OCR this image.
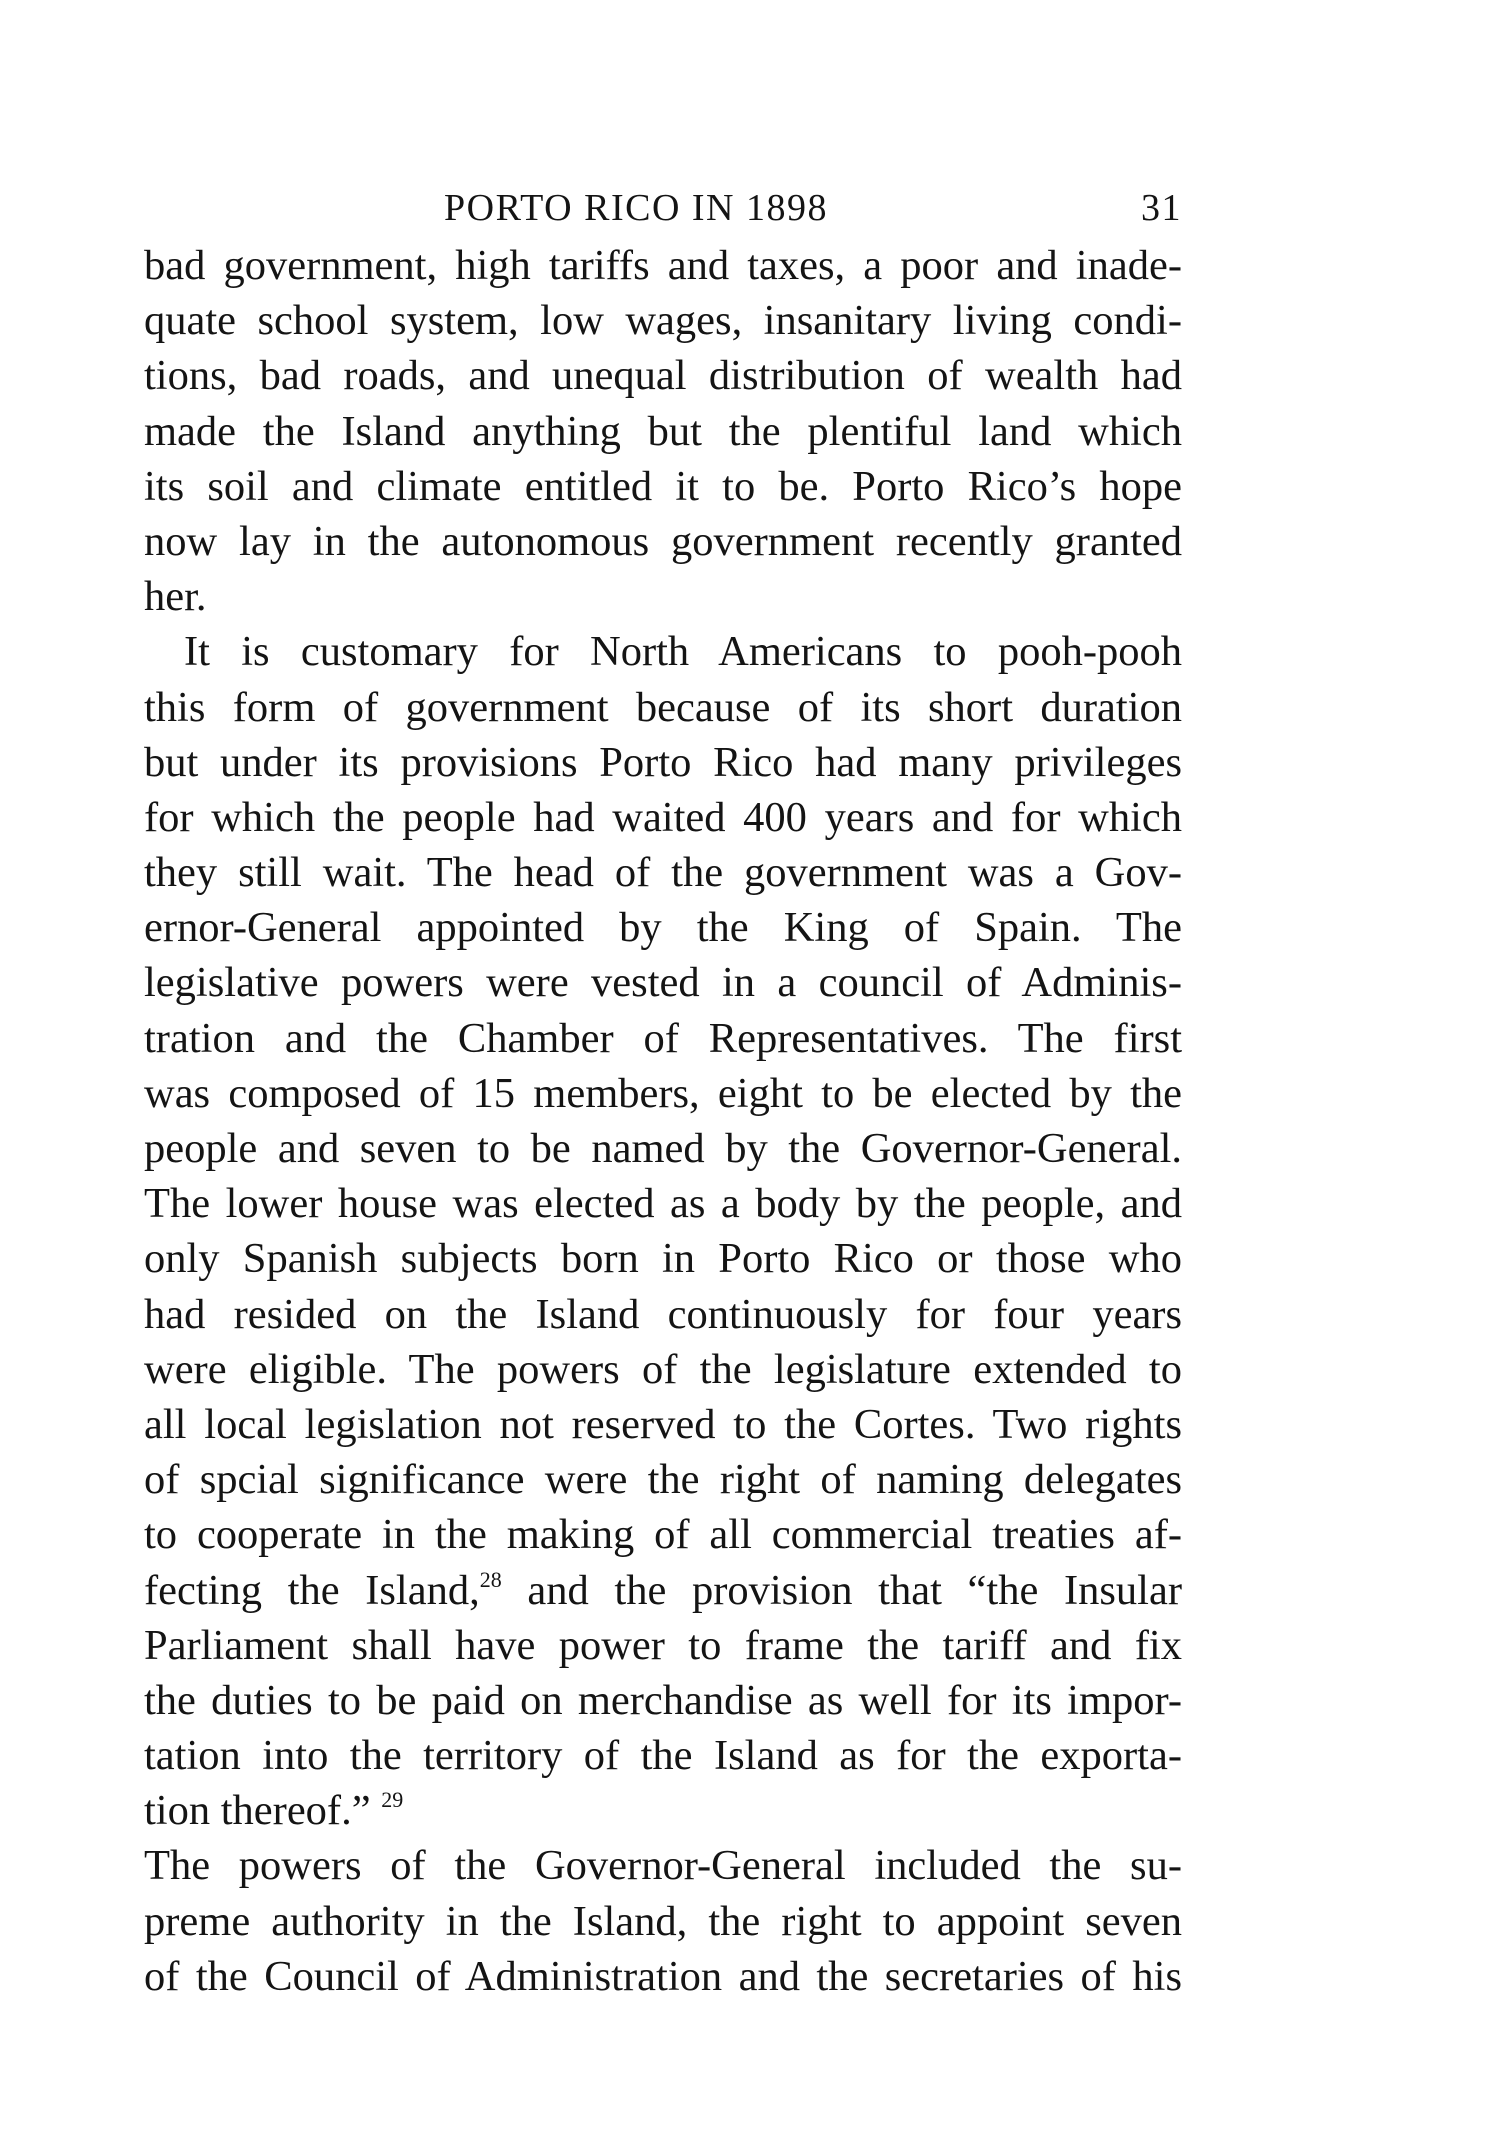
PORTO RICO IN 1898	31
bad government, high tariffs and taxes, a poor and inade-
quate school system, low wages, insanitary living condi-
tions, bad roads, and unequal distribution of wealth had
made the Island anything but the plentiful land which
its soil and climate entitled it to be. Porto Rico’s hope
now lay in the autonomous government recently granted
her.
It is customary for North Americans to pooh-pooh
this form of government because of its short duration
but under its provisions Porto Rico had many privileges
for which the people had waited 400 years and for which
they still wait. The head of the government was a Gov-
ernor-General appointed by the King of Spain. The
legislative powers were vested in a council of Adminis-
tration and the Chamber of Representatives. The first
was composed of 15 members, eight to be elected by the
people and seven to be named by the Governor-General.
The lower house was elected as a body by the people, and
only Spanish subjects born in Porto Rico or those who
had resided on the Island continuously for four years
were eligible. The powers of the legislature extended to
all local legislation not reserved to the Cortes. Two rights
of spcial significance were the right of naming delegates
to cooperate in the making of all commercial treaties af-
fecting the Island,$^{28}$ and the provision that “the Insular
Parliament shall have power to frame the tariff and fix
the duties to be paid on merchandise as well for its impor-
tation into the territory of the Island as for the exporta-
tion thereof.” $^{29}$
The powers of the Governor-General included the su-
preme authority in the Island, the right to appoint seven
of the Council of Administration and the secretaries of his
